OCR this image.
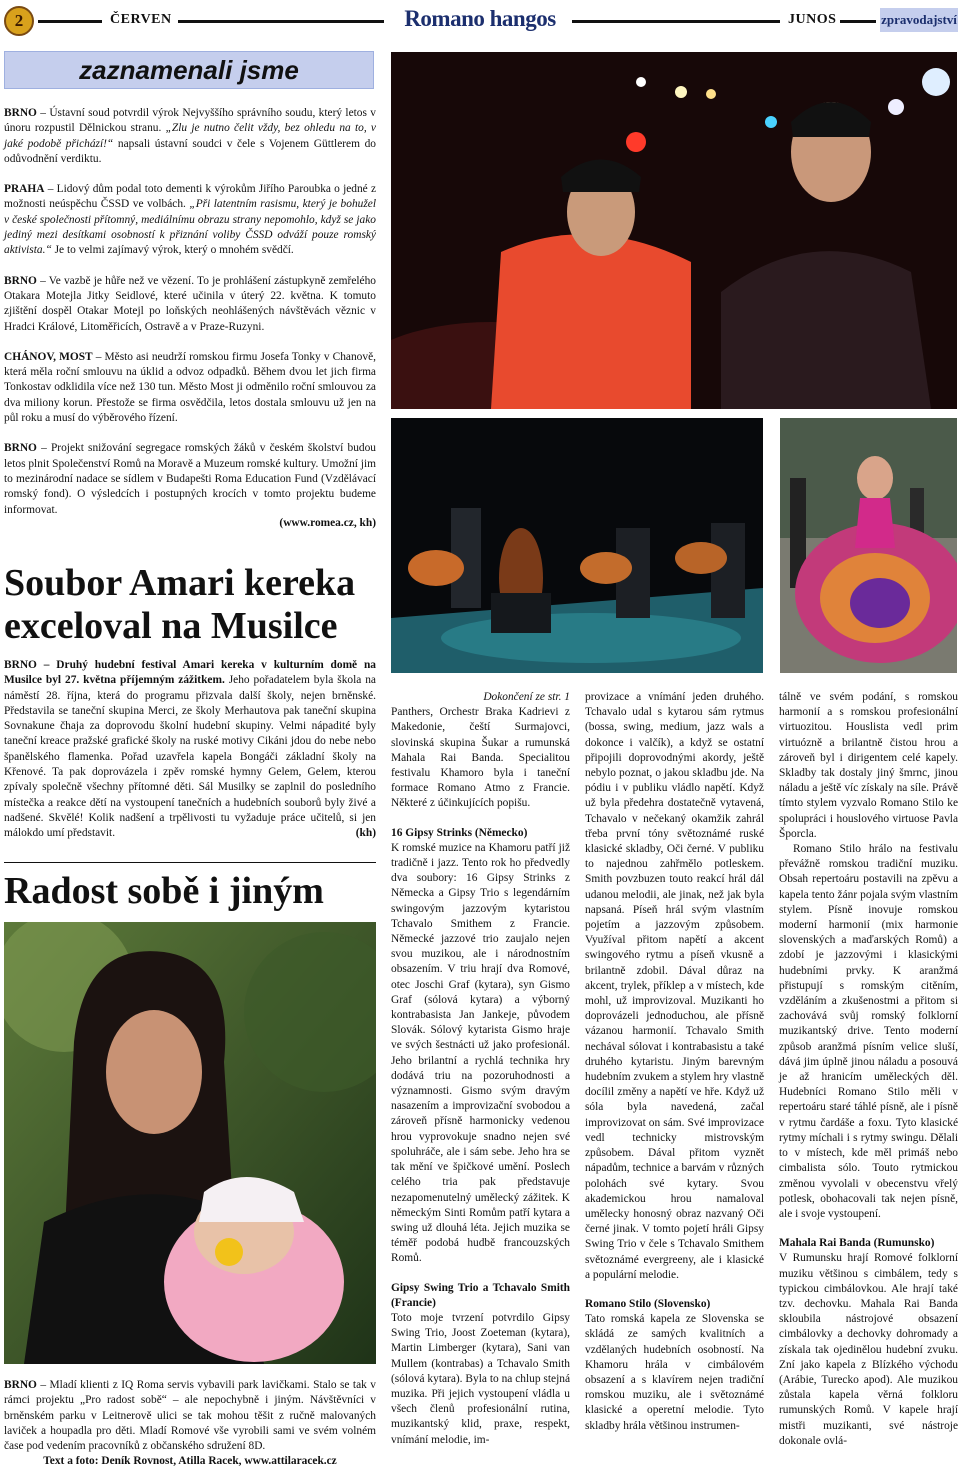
2	ČERVEN	Romano hangos	JUNOS	zpravodajství
zaznamenali jsme

BRNO – Ústavní soud potvrdil výrok Nejvyššího správního soudu, který letos v únoru rozpustil Dělnickou stranu. „Zlu je nutno čelit vždy, bez ohledu na to, v jaké podobě přichází!“ napsali ústavní soudci v čele s Vojenem Güttlerem do odůvodnění verdiktu.

PRAHA – Lidový dům podal toto dementi k výrokům Jiřího Paroubka o jedné z možnosti neúspěchu ČSSD ve volbách. „Při latentním rasismu, který je bohužel v české společnosti přítomný, mediálnímu obrazu strany nepomohlo, když se jako jediný mezi desítkami osobností k přiznání voliby ČSSD odváží pouze romský aktivista.“ Je to velmi zajímavý výrok, který o mnohém svědčí.

BRNO – Ve vazbě je hůře než ve vězení. To je prohlášení zástupkyně zemřelého Otakara Motejla Jitky Seidlové, které učinila v úterý 22. května. K tomuto zjištění dospěl Otakar Motejl po loňských neohlášených návštěvách věznic v Hradci Králové, Litoměřicích, Ostravě a v Praze-Ruzyni.

CHÁNOV, MOST – Město asi neudrží romskou firmu Josefa Tonky v Chanově, která měla roční smlouvu na úklid a odvoz odpadků. Během dvou let jich firma Tonkostav odklidila více než 130 tun. Město Most ji odměnilo roční smlouvou za dva miliony korun. Přestože se firma osvědčila, letos dostala smlouvu už jen na půl roku a musí do výběrového řízení.

BRNO – Projekt snižování segregace romských žáků v českém školství budou letos plnit Společenství Romů na Moravě a Muzeum romské kultury. Umožní jim to mezinárodní nadace se sídlem v Budapešti Roma Education Fund (Vzdělávací romský fond). O výsledcích i postupných krocích v tomto projektu budeme informovat.

(www.romea.cz, kh)
Soubor Amari kereka exceloval na Musilce
BRNO – Druhý hudební festival Amari kereka v kulturním domě na Musilce byl 27. května příjemným zážitkem. Jeho pořadatelem byla škola na náměstí 28. října, která do programu přizvala další školy, nejen brněnské. Představila se taneční skupina Merci, ze školy Merhautova pak taneční skupina Sovnakune čhaja za doprovodu školní hudební skupiny. Velmi nápadité byly taneční kreace pražské grafické školy na ruské motivy Cikáni jdou do nebe nebo španělského flamenka. Pořad uzavřela kapela Bongáči základní školy na Křenové. Ta pak doprovázela i zpěv romské hymny Gelem, Gelem, kterou zpívaly společně všechny přítomné děti. Sál Musilky se zaplnil do posledního místečka a reakce dětí na vystoupení tanečních a hudebních souborů byly živé a nadšené. Skvělé! Kolik nadšení a trpělivosti tu vyžaduje práce učitelů, si jen málokdo umí představit.	(kh)
Radost sobě i jiným
BRNO – Mladí klienti z IQ Roma servis vybavili park lavičkami. Stalo se tak v rámci projektu „Pro radost sobě“ – ale nepochybně i jiným. Návštěvníci v brněnském parku v Leitnerově ulici se tak mohou těšit z ručně malovaných laviček a houpadla pro děti. Mladí Romové vše vyrobili sami ve svém volném čase pod vedením pracovníků z občanského sdružení 8D.
Text a foto: Deník Rovnost, Atilla Racek, www.attilaracek.cz

Dokončení ze str. 1

Panthers, Orchestr Braka Kadrievi z Makedonie, čeští Surmajovci, slovinská skupina Šukar a rumunská Mahala Rai Banda. Specialitou festivalu Khamoro byla i taneční formace Romano Atmo z Francie. Některé z účinkujících popišu.

16 Gipsy Strinks (Německo)

K romské muzice na Khamoru patří již tradičně i jazz. Tento rok ho předvedly dva soubory: 16 Gipsy Strinks z Německa a Gipsy Trio s legendárním swingovým jazzovým kytaristou Tchavalo Smithem z Francie. Německé jazzové trio zaujalo nejen svou muzikou, ale i národnostním obsazením. V triu hrají dva Romové, otec Joschi Graf (kytara), syn Gismo Graf (sólová kytara) a výborný kontrabasista Jan Jankeje, původem Slovák. Sólový kytarista Gismo hraje ve svých šestnácti už jako profesionál. Jeho brilantní a rychlá technika hry dodává triu na pozoruhodnosti a významnosti. Gismo svým dravým nasazením a improvizační svobodou a zároveň přísně harmonicky vedenou hrou vyprovokuje snadno nejen své spoluhráče, ale i sám sebe. Jeho hra se tak mění ve špičkové umění. Poslech celého tria pak představuje nezapomenutelný umělecký zážitek. K německým Sinti Romům patří kytara a swing už dlouhá léta. Jejich muzika se téměř podobá hudbě francouzských Romů.

Gipsy Swing Trio a Tchavalo Smith (Francie)

Toto moje tvrzení potvrdilo Gipsy Swing Trio, Joost Zoeteman (kytara), Martin Limberger (kytara), Sani van Mullem (kontrabas) a Tchavalo Smith (sólová kytara). Byla to na chlup stejná muzika. Při jejich vystoupení vládla u všech členů profesionální rutina, muzikantský klid, praxe, respekt, vnímání melodie, im-

provizace a vnímání jeden druhého. Tchavalo udal s kytarou sám rytmus (bossa, swing, medium, jazz wals a dokonce i valčík), a když se ostatní připojili doprovodnými akordy, ještě nebylo poznat, o jakou skladbu jde. Na pódiu i v publiku vládlo napětí. Když už byla předehra dostatečně vytavená, Tchavalo v nečekaný okamžik zahrál třeba první tóny světoznámé ruské klasické skladby, Oči černé. V publiku to najednou zahřmělo potleskem. Smith povzbuzen touto reakcí hrál dál udanou melodii, ale jinak, než jak byla napsaná. Píseň hrál svým vlastním pojetím a jazzovým způsobem. Využíval přitom napětí a akcent swingového rytmu a píseň vkusně a brilantně zdobil. Dával důraz na akcent, trylek, příklep a v místech, kde mohl, už improvizoval. Muzikanti ho doprovázeli jednoduchou, ale přísně vázanou harmonií. Tchavalo Smith nechával sólovat i kontrabasistu a také druhého kytaristu. Jiným barevným hudebním zvukem a stylem hry vlastně docílil změny a napětí ve hře. Když už sóla byla navedená, začal improvizovat on sám. Své improvizace vedl technicky mistrovským způsobem. Dával přitom vyznět nápadům, technice a barvám v různých polohách své kytary. Svou akademickou hrou namaloval umělecky honosný obraz nazvaný Oči černé jinak. V tomto pojetí hráli Gipsy Swing Trio v čele s Tchavalo Smithem světoznámé evergreeny, ale i klasické a populární melodie.

Romano Stilo (Slovensko)

Tato romská kapela ze Slovenska se skládá ze samých kvalitních a vzdělaných hudebních osobností. Na Khamoru hrála v cimbálovém obsazení a s klavírem nejen tradiční romskou muziku, ale i světoznámé klasické a operetní melodie. Tyto skladby hrála většinou instrumen-

tálně ve svém podání, s romskou harmonií a s romskou profesionální virtuozitou. Houslista vedl prim virtuózně a brilantně čistou hrou a zároveň byl i dirigentem celé kapely. Skladby tak dostaly jiný šmrnc, jinou náladu a ještě víc získaly na síle. Právě tímto stylem vyzvalo Romano Stilo ke spolupráci i houslového virtuose Pavla Šporcla.

Romano Stilo hrálo na festivalu převážně romskou tradiční muziku. Obsah repertoáru postavili na zpěvu a kapela tento žánr pojala svým vlastním stylem. Písně inovuje romskou moderní harmonií (mix harmonie slovenských a maďarských Romů) a zdobí je jazzovými i klasickými hudebními prvky. K aranžmá přistupují s romským citěním, vzděláním a zkušenostmi a přitom si zachovává svůj romský folklorní muzikantský drive. Tento moderní způsob aranžmá písním velice sluší, dává jim úplně jinou náladu a posouvá je až hranicím uměleckých děl. Hudebníci Romano Stilo měli v repertoáru staré táhlé písně, ale i písně v rytmu čardáše a foxu. Tyto klasické rytmy míchali i s rytmy swingu. Dělali to v místech, kde měl primáš nebo cimbalista sólo. Touto rytmickou změnou vyvolali v obecenstvu vřelý potlesk, obohacovali tak nejen písně, ale i svoje vystoupení.

Mahala Rai Banda (Rumunsko)

V Rumunsku hrají Romové folklorní muziku většinou s cimbálem, tedy s typickou cimbálovkou. Ale hrají také tzv. dechovku. Mahala Rai Banda skloubila nástrojové obsazení cimbálovky a dechovky dohromady a získala tak ojedinělou hudební zvuku. Zní jako kapela z Blízkého východu (Arábie, Turecko apod). Ale muzikou zůstala kapela věrná folkloru rumunských Romů. V kapele hrají mistři muzikanti, své nástroje dokonale ovlá-
